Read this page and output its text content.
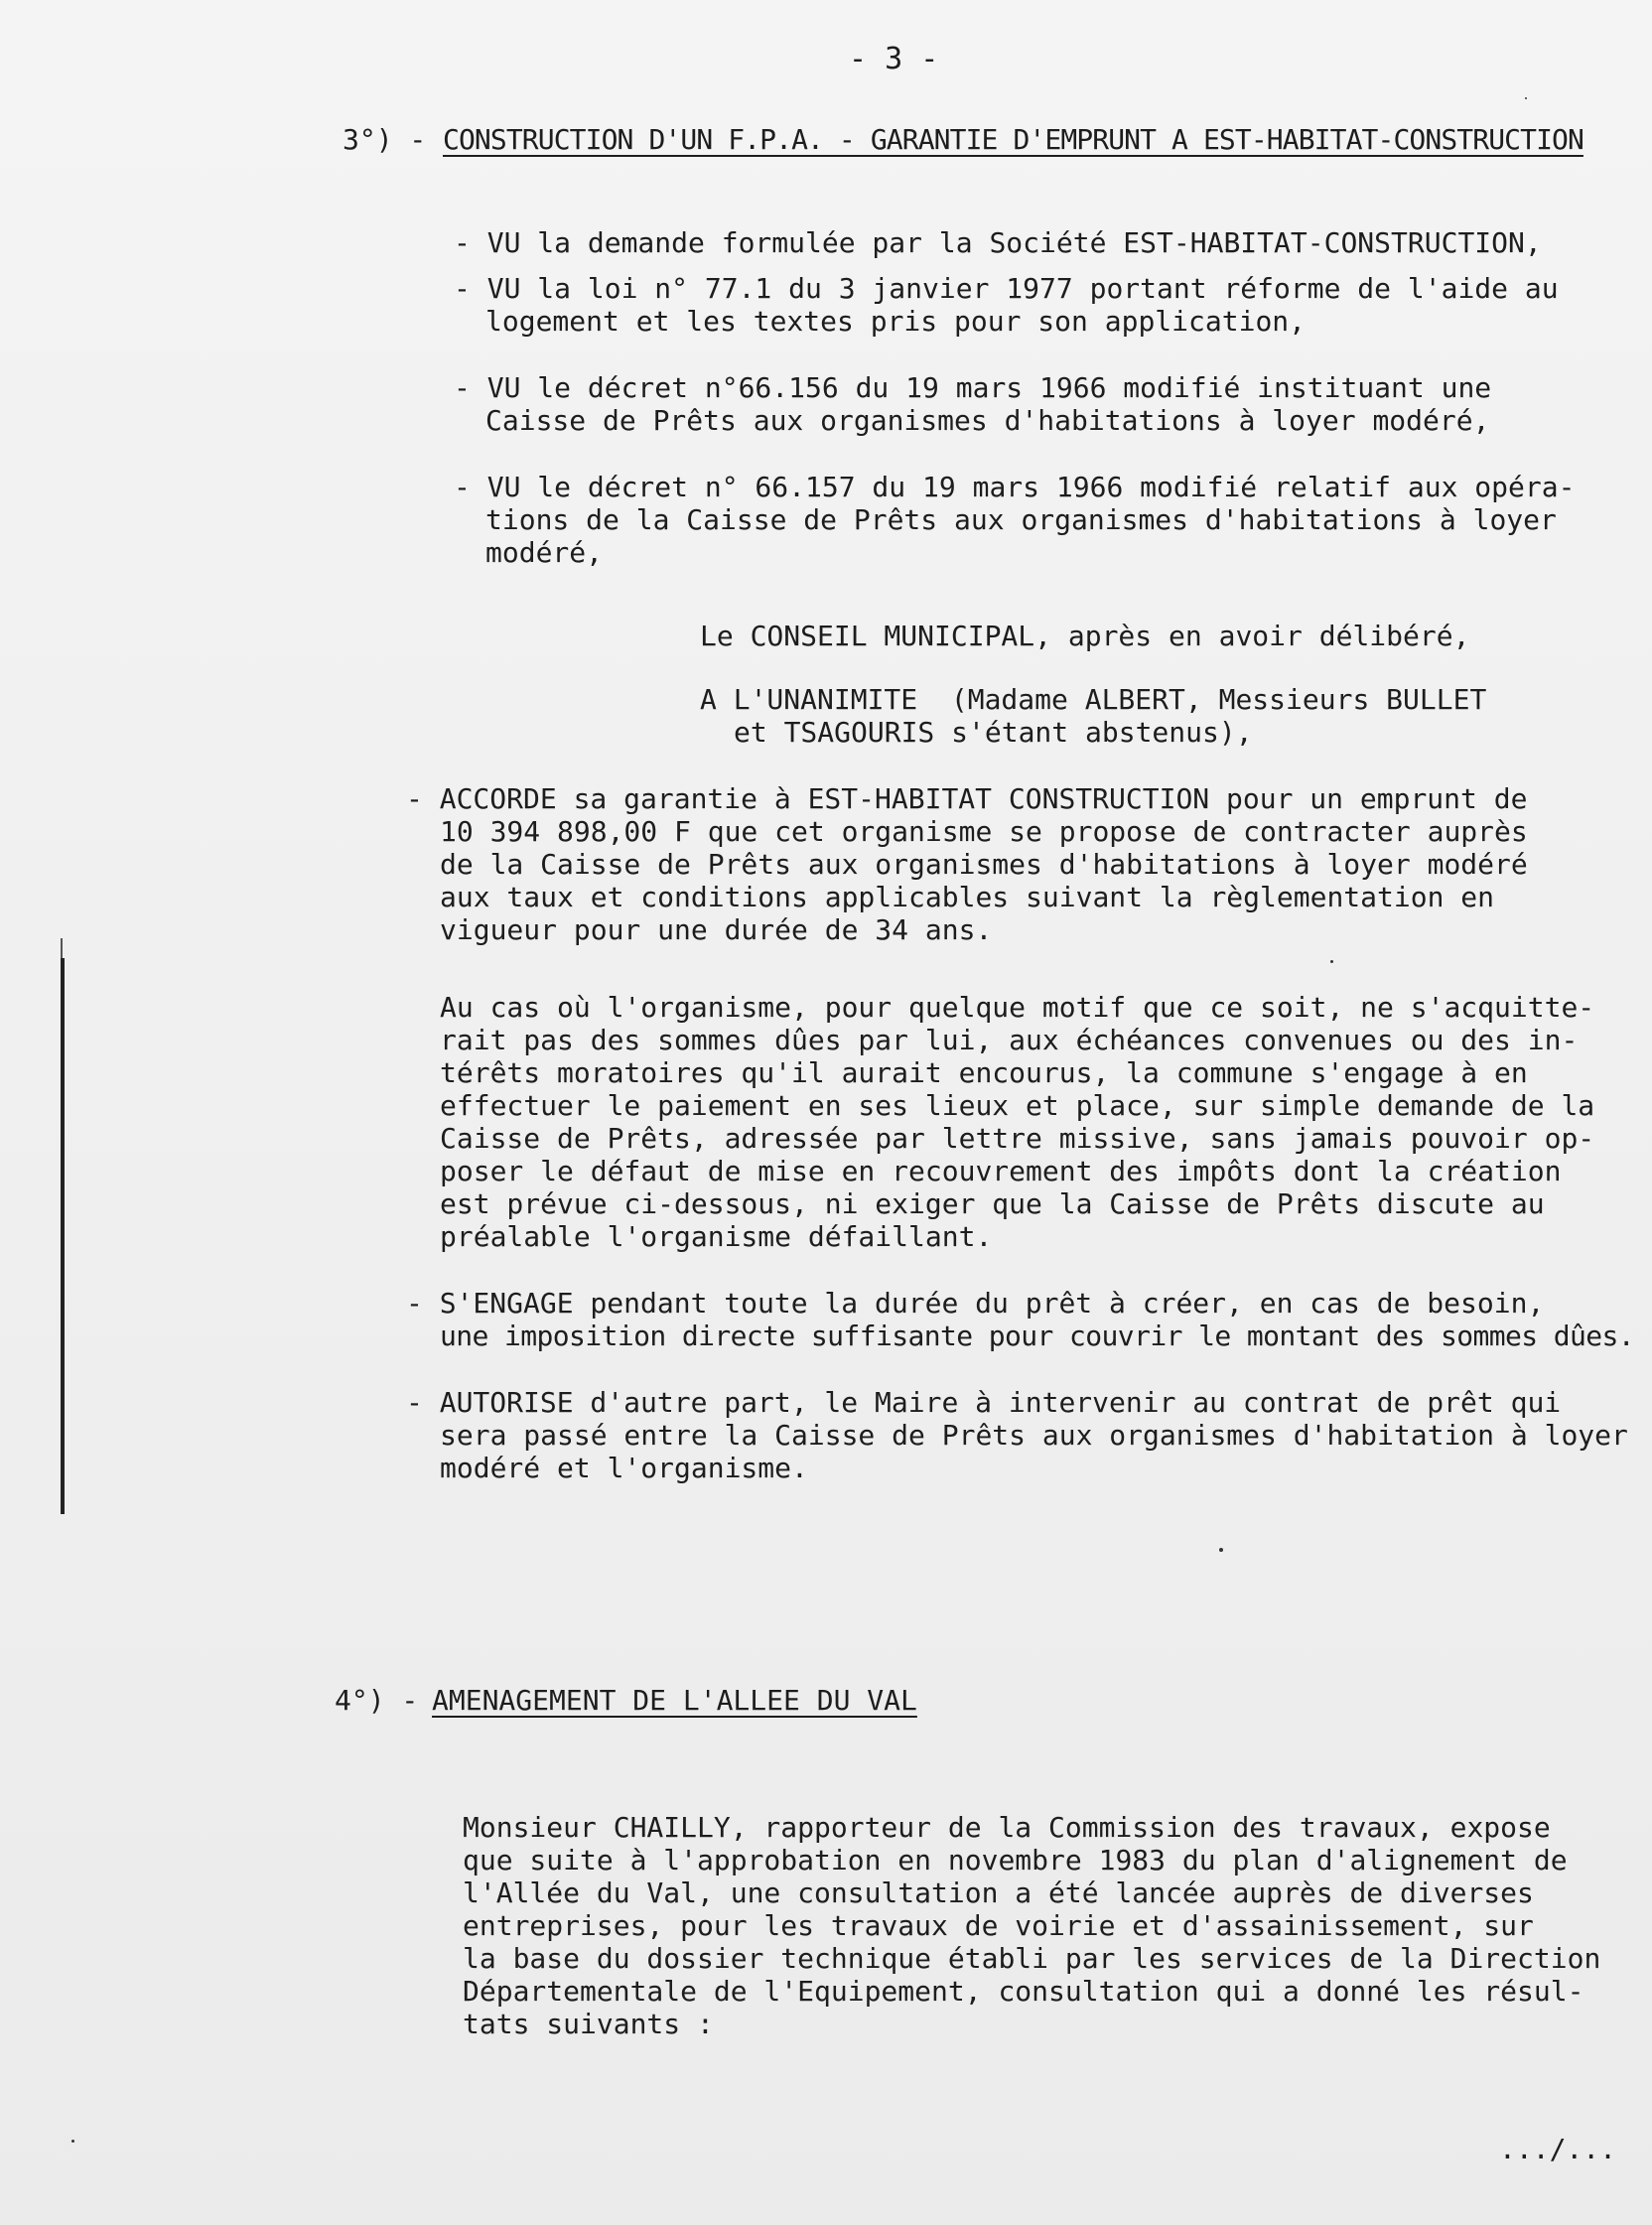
- 3 -
3°) - CONSTRUCTION D'UN F.P.A. - GARANTIE D'EMPRUNT A EST-HABITAT-CONSTRUCTION
- VU la demande formulée par la Société EST-HABITAT-CONSTRUCTION,
- VU la loi n° 77.1 du 3 janvier 1977 portant réforme de l'aide au
logement et les textes pris pour son application,
- VU le décret n°66.156 du 19 mars 1966 modifié instituant une
Caisse de Prêts aux organismes d'habitations à loyer modéré,
- VU le décret n° 66.157 du 19 mars 1966 modifié relatif aux opéra-
tions de la Caisse de Prêts aux organismes d'habitations à loyer
modéré,
Le CONSEIL MUNICIPAL, après en avoir délibéré,
A L'UNANIMITE  (Madame ALBERT, Messieurs BULLET
et TSAGOURIS s'étant abstenus),
- ACCORDE sa garantie à EST-HABITAT CONSTRUCTION pour un emprunt de
10 394 898,00 F que cet organisme se propose de contracter auprès
de la Caisse de Prêts aux organismes d'habitations à loyer modéré
aux taux et conditions applicables suivant la règlementation en
vigueur pour une durée de 34 ans.
Au cas où l'organisme, pour quelque motif que ce soit, ne s'acquitte-
rait pas des sommes dûes par lui, aux échéances convenues ou des in-
térêts moratoires qu'il aurait encourus, la commune s'engage à en
effectuer le paiement en ses lieux et place, sur simple demande de la
Caisse de Prêts, adressée par lettre missive, sans jamais pouvoir op-
poser le défaut de mise en recouvrement des impôts dont la création
est prévue ci-dessous, ni exiger que la Caisse de Prêts discute au
préalable l'organisme défaillant.
- S'ENGAGE pendant toute la durée du prêt à créer, en cas de besoin,
une imposition directe suffisante pour couvrir le montant des sommes dûes.
- AUTORISE d'autre part, le Maire à intervenir au contrat de prêt qui
sera passé entre la Caisse de Prêts aux organismes d'habitation à loyer
modéré et l'organisme.
4°) - AMENAGEMENT DE L'ALLEE DU VAL
Monsieur CHAILLY, rapporteur de la Commission des travaux, expose
que suite à l'approbation en novembre 1983 du plan d'alignement de
l'Allée du Val, une consultation a été lancée auprès de diverses
entreprises, pour les travaux de voirie et d'assainissement, sur
la base du dossier technique établi par les services de la Direction
Départementale de l'Equipement, consultation qui a donné les résul-
tats suivants :
.../...
